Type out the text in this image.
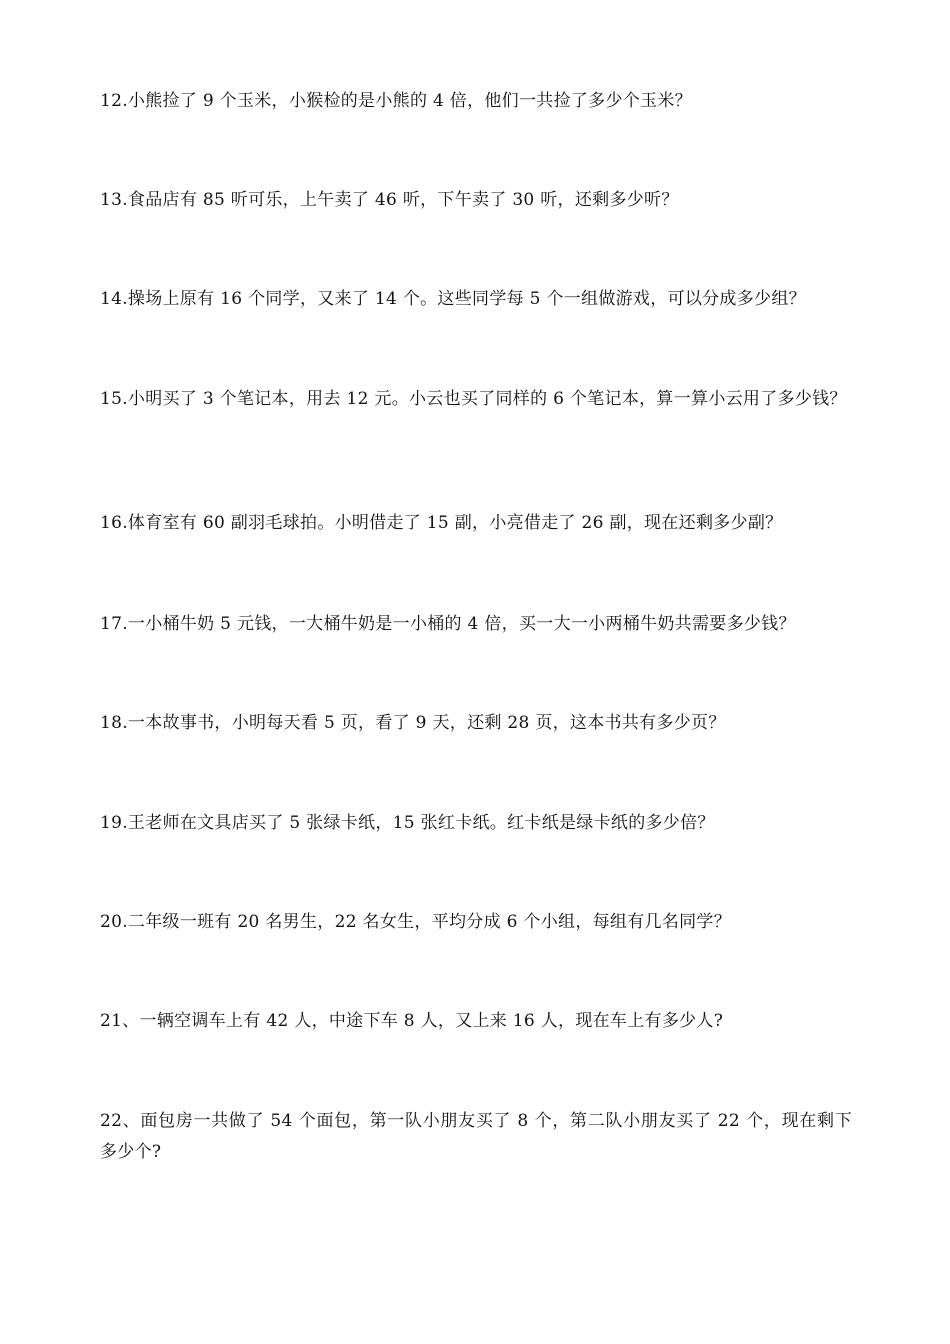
12.小熊捡了 9 个玉米，小猴检的是小熊的 4 倍，他们一共捡了多少个玉米？
13.食品店有 85 听可乐，上午卖了 46 听，下午卖了 30 听，还剩多少听？
14.操场上原有 16 个同学，又来了 14 个。这些同学每 5 个一组做游戏，可以分成多少组？
15.小明买了 3 个笔记本，用去 12 元。小云也买了同样的 6 个笔记本，算一算小云用了多少钱？
16.体育室有 60 副羽毛球拍。小明借走了 15 副，小亮借走了 26 副，现在还剩多少副？
17.一小桶牛奶 5 元钱，一大桶牛奶是一小桶的 4 倍，买一大一小两桶牛奶共需要多少钱？
18.一本故事书，小明每天看 5 页，看了 9 天，还剩 28 页，这本书共有多少页？
19.王老师在文具店买了 5 张绿卡纸，15 张红卡纸。红卡纸是绿卡纸的多少倍？
20.二年级一班有 20 名男生，22 名女生，平均分成 6 个小组，每组有几名同学？
21、一辆空调车上有 42 人，中途下车 8 人，又上来 16 人，现在车上有多少人?
22、面包房一共做了 54 个面包，第一队小朋友买了 8 个，第二队小朋友买了 22 个，现在剩下多少个?
